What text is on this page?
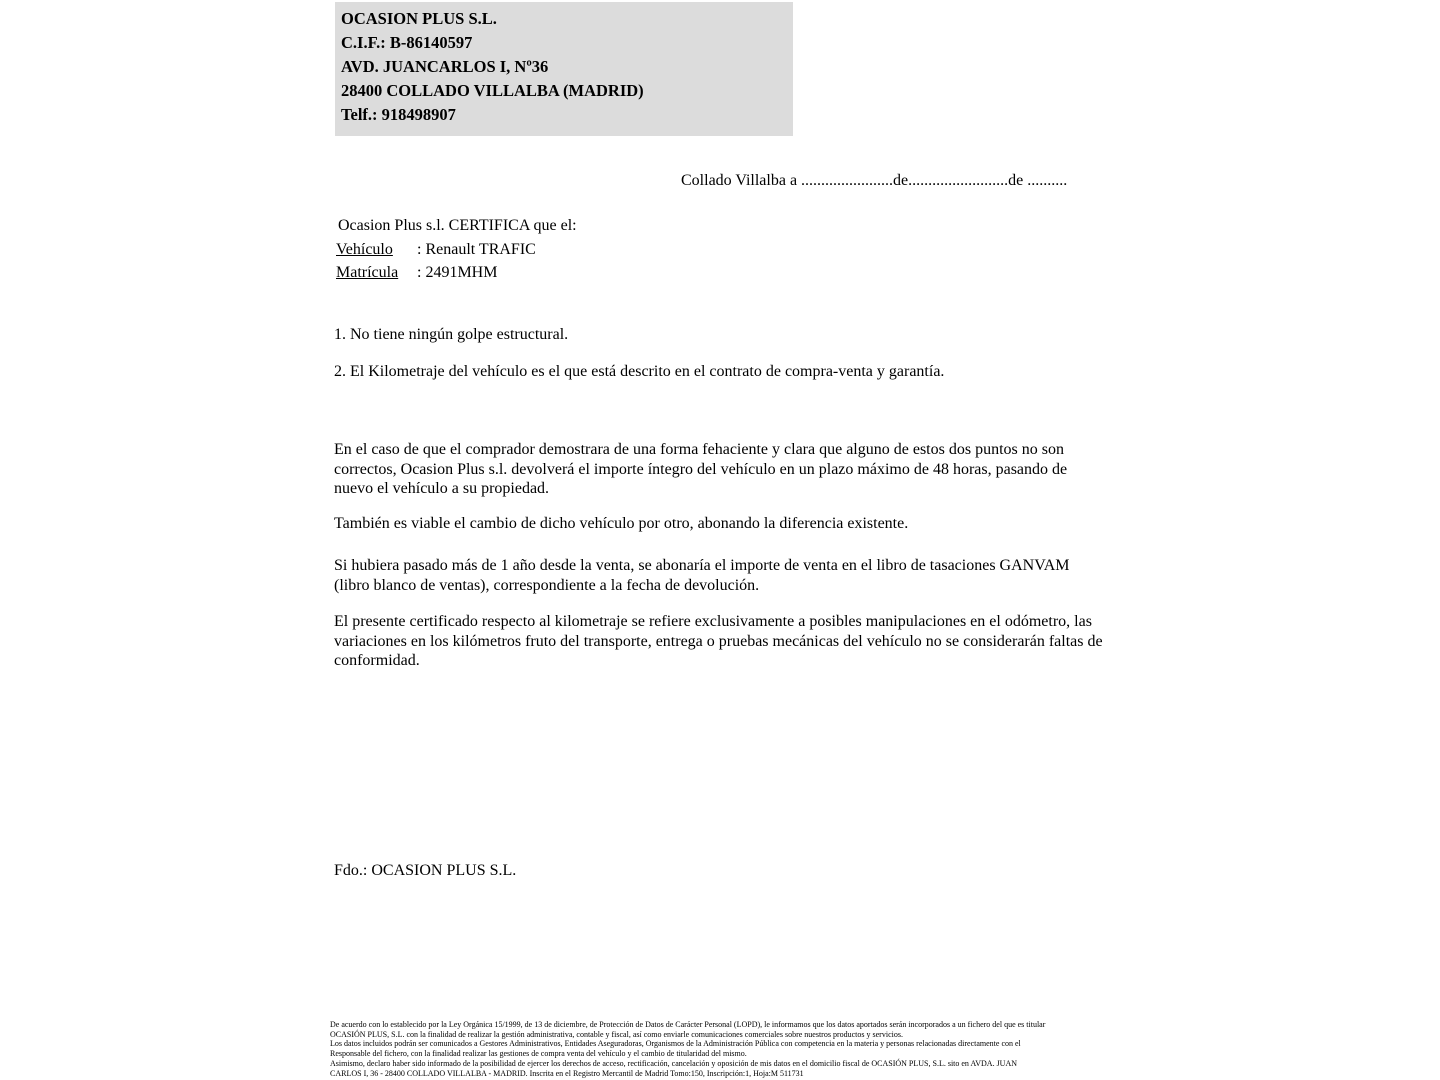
OCASION PLUS S.L.
C.I.F.: B-86140597
AVD. JUANCARLOS I, Nº36
28400 COLLADO VILLALBA (MADRID)
Telf.: 918498907
Collado Villalba a .......................de.........................de ..........
Ocasion Plus s.l. CERTIFICA que el:
Vehículo : Renault TRAFIC
Matrícula : 2491MHM
1. No tiene ningún golpe estructural.
2. El Kilometraje del vehículo es el que está descrito en el contrato de compra-venta y garantía.
En el caso de que el comprador demostrara de una forma fehaciente y clara que alguno de estos dos puntos no son correctos, Ocasion Plus s.l. devolverá el importe íntegro del vehículo en un plazo máximo de 48 horas, pasando de nuevo el vehículo a su propiedad.
También es viable el cambio de dicho vehículo por otro, abonando la diferencia existente.
Si hubiera pasado más de 1 año desde la venta, se abonaría el importe de venta en el libro de tasaciones GANVAM (libro blanco de ventas), correspondiente a la fecha de devolución.
El presente certificado respecto al kilometraje se refiere exclusivamente a posibles manipulaciones en el odómetro, las variaciones en los kilómetros fruto del transporte, entrega o pruebas mecánicas del vehículo no se considerarán faltas de conformidad.
Fdo.: OCASION PLUS S.L.
De acuerdo con lo establecido por la Ley Orgánica 15/1999, de 13 de diciembre, de Protección de Datos de Carácter Personal (LOPD), le informamos que los datos aportados serán incorporados a un fichero del que es titular
OCASIÓN PLUS, S.L. con la finalidad de realizar la gestión administrativa, contable y fiscal, así como enviarle comunicaciones comerciales sobre nuestros productos y servicios.
Los datos incluidos podrán ser comunicados a Gestores Administrativos, Entidades Aseguradoras, Organismos de la Administración Pública con competencia en la materia y personas relacionadas directamente con el
Responsable del fichero, con la finalidad realizar las gestiones de compra venta del vehículo y el cambio de titularidad del mismo.
Asimismo, declaro haber sido informado de la posibilidad de ejercer los derechos de acceso, rectificación, cancelación y oposición de mis datos en el domicilio fiscal de OCASIÓN PLUS, S.L. sito en AVDA. JUAN
CARLOS I, 36 - 28400 COLLADO VILLALBA - MADRID. Inscrita en el Registro Mercantil de Madrid Tomo:150, Inscripción:1, Hoja:M 511731
